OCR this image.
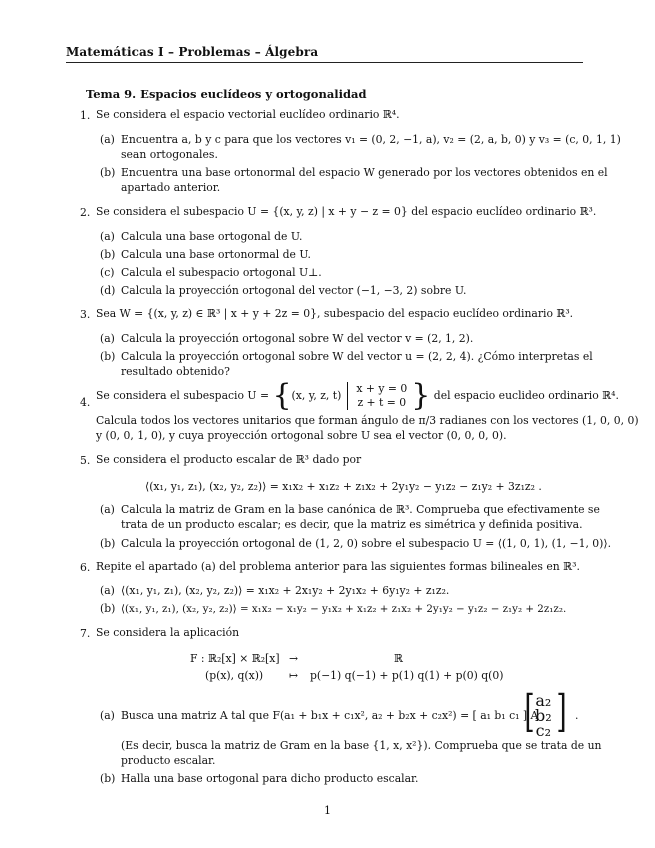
Matemáticas I – Problemas – Álgebra
Tema 9. Espacios euclídeos y ortogonalidad
1. Se considera el espacio vectorial euclídeo ordinario ℝ⁴.
(a) Encuentra a, b y c para que los vectores v₁ = (0, 2, −1, a), v₂ = (2, a, b, 0) y v₃ = (c, 0, 1, 1)
sean ortogonales.
(b) Encuentra una base ortonormal del espacio W generado por los vectores obtenidos en el
apartado anterior.
2. Se considera el subespacio U = {(x, y, z) | x + y − z = 0} del espacio euclídeo ordinario ℝ³.
(a) Calcula una base ortogonal de U.
(b) Calcula una base ortonormal de U.
(c) Calcula el subespacio ortogonal U⊥.
(d) Calcula la proyección ortogonal del vector (−1, −3, 2) sobre U.
3. Sea W = {(x, y, z) ∈ ℝ³ | x + y + 2z = 0}, subespacio del espacio euclídeo ordinario ℝ³.
(a) Calcula la proyección ortogonal sobre W del vector v = (2, 1, 2).
(b) Calcula la proyección ortogonal sobre W del vector u = (2, 2, 4). ¿Cómo interpretas el
resultado obtenido?
4.
Se considera el subespacio U = {(x, y, z, t)x + y = 0
z + t = 0 } del espacio euclideo ordinario ℝ⁴.
Calcula todos los vectores unitarios que forman ángulo de π/3 radianes con los vectores (1, 0, 0, 0)
y (0, 0, 1, 0), y cuya proyección ortogonal sobre U sea el vector (0, 0, 0, 0).
5. Se considera el producto escalar de ℝ³ dado por
⟨(x₁, y₁, z₁), (x₂, y₂, z₂)⟩ = x₁x₂ + x₁z₂ + z₁x₂ + 2y₁y₂ − y₁z₂ − z₁y₂ + 3z₁z₂ .
(a) Calcula la matriz de Gram en la base canónica de ℝ³. Comprueba que efectivamente se
trata de un producto escalar; es decir, que la matriz es simétrica y definida positiva.
(b) Calcula la proyección ortogonal de (1, 2, 0) sobre el subespacio U = ⟨(1, 0, 1), (1, −1, 0)⟩.
6. Repite el apartado (a) del problema anterior para las siguientes formas bilineales en ℝ³.
(a) ⟨(x₁, y₁, z₁), (x₂, y₂, z₂)⟩ = x₁x₂ + 2x₁y₂ + 2y₁x₂ + 6y₁y₂ + z₁z₂.
(b) ⟨(x₁, y₁, z₁), (x₂, y₂, z₂)⟩ = x₁x₂ − x₁y₂ − y₁x₂ + x₁z₂ + z₁x₂ + 2y₁y₂ − y₁z₂ − z₁y₂ + 2z₁z₂.
7. Se considera la aplicación
F : ℝ₂[x] × ℝ₂[x] →	ℝ
(p(x), q(x)) ↦ p(−1) q(−1) + p(1) q(1) + p(0) q(0)
(a) Busca una matriz A tal que F(a₁ + b₁x + c₁x², a₂ + b₂x + c₂x²) = [ a₁ b₁ c₁ ] A
[ a₂
b₂
c₂ ] .
(Es decir, busca la matriz de Gram en la base {1, x, x²}). Comprueba que se trata de un
producto escalar.
(b) Halla una base ortogonal para dicho producto escalar.
1
